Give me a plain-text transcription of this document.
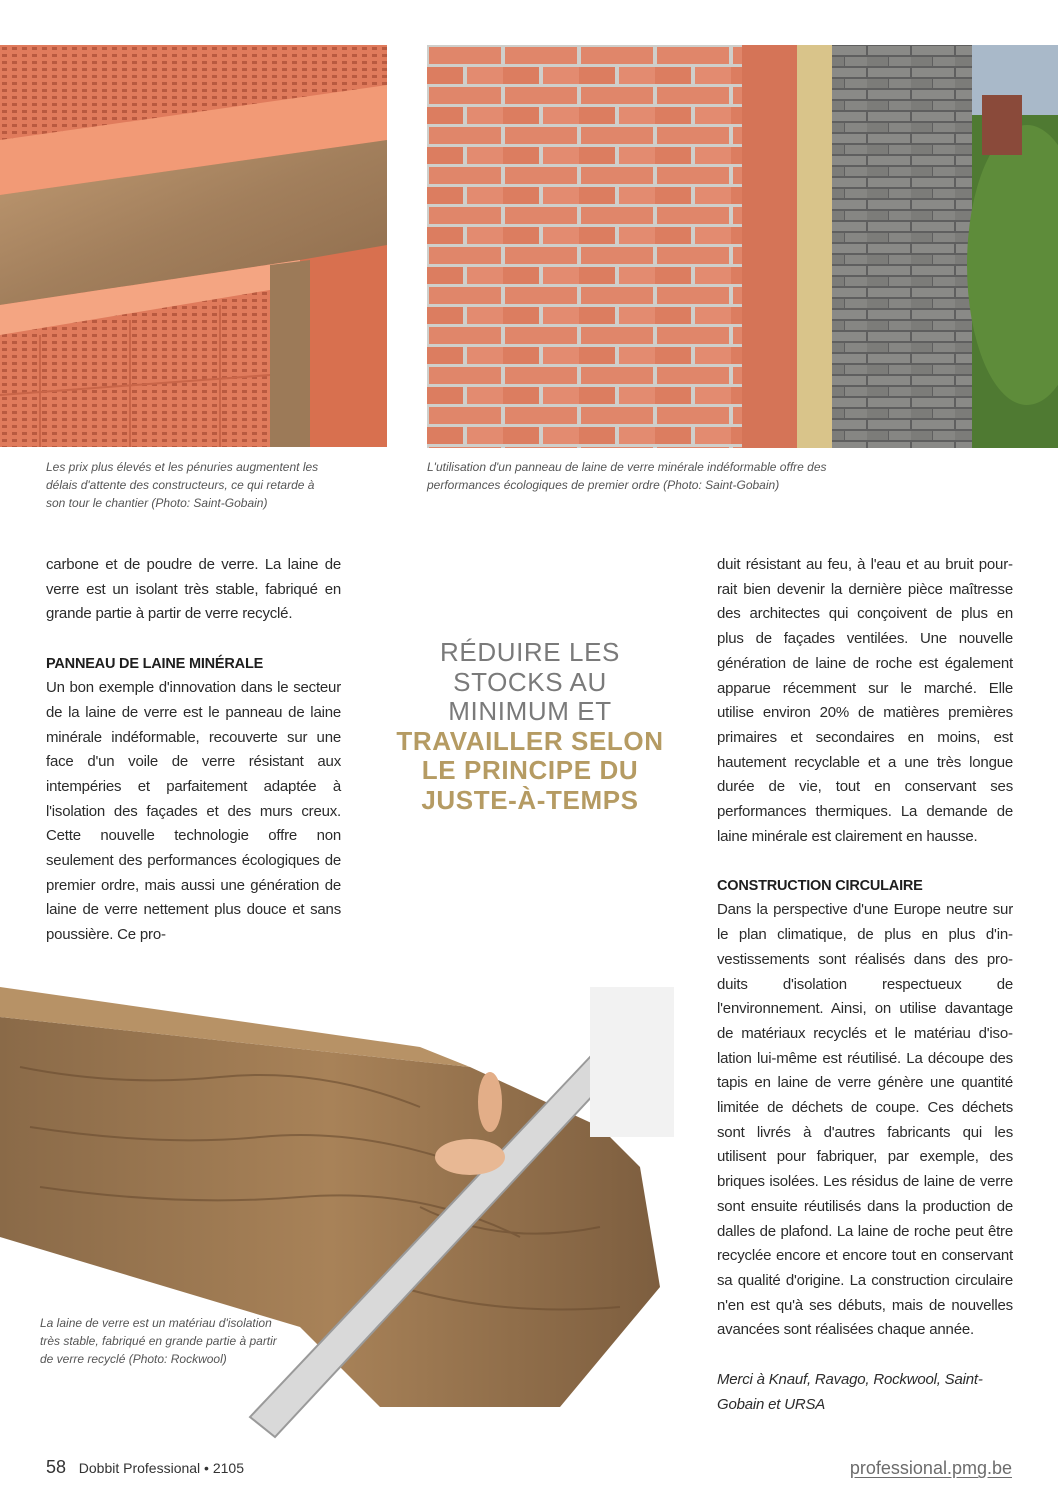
Les prix plus élevés et les pénuries augmentent les délais d'attente des constructeurs, ce qui retarde à son tour le chantier (Photo: Saint-Gobain)
L'utilisation d'un panneau de laine de verre minérale indéformable offre des performances écologiques de premier ordre (Photo: Saint-Gobain)

carbone et de poudre de verre. La laine de verre est un isolant très stable, fabriqué en grande partie à partir de verre recyclé.

PANNEAU DE LAINE MINÉRALE

Un bon exemple d'innovation dans le secteur de la laine de verre est le panneau de laine minérale indéformable, recouverte sur une face d'un voile de verre résistant aux intempéries et parfaitement adaptée à l'isolation des façades et des murs creux. Cette nouvelle technologie offre non seulement des performances écologiques de premier ordre, mais aussi une génération de laine de verre nettement plus douce et sans poussière. Ce pro-

RÉDUIRE LES STOCKS AU MINIMUM ET
TRAVAILLER SELON LE PRINCIPE DU JUSTE-À-TEMPS

duit résistant au feu, à l'eau et au bruit pourrait bien devenir la dernière pièce maîtresse des architectes qui conçoivent de plus en plus de façades ventilées. Une nouvelle génération de laine de roche est également apparue récemment sur le marché. Elle utilise environ 20% de matières premières primaires et secondaires en moins, est hautement recyclable et a une très longue durée de vie, tout en conservant ses performances thermiques. La demande de laine minérale est clairement en hausse.

CONSTRUCTION CIRCULAIRE

Dans la perspective d'une Europe neutre sur le plan climatique, de plus en plus d'investissements sont réalisés dans des produits d'isolation respectueux de l'environnement. Ainsi, on utilise davantage de matériaux recyclés et le matériau d'isolation lui-même est réutilisé. La découpe des tapis en laine de verre génère une quantité limitée de déchets de coupe. Ces déchets sont livrés à d'autres fabricants qui les utilisent pour fabriquer, par exemple, des briques isolées. Les résidus de laine de verre sont ensuite réutilisés dans la production de dalles de plafond. La laine de roche peut être recyclée encore et encore tout en conservant sa qualité d'origine. La construction circulaire n'en est qu'à ses débuts, mais de nouvelles avancées sont réalisées chaque année.

Merci à Knauf, Ravago, Rockwool, Saint-Gobain et URSA

La laine de verre est un matériau d'isolation très stable, fabriqué en grande partie à partir de verre recyclé (Photo: Rockwool)
58 Dobbit Professional • 2105	professional.pmg.be
